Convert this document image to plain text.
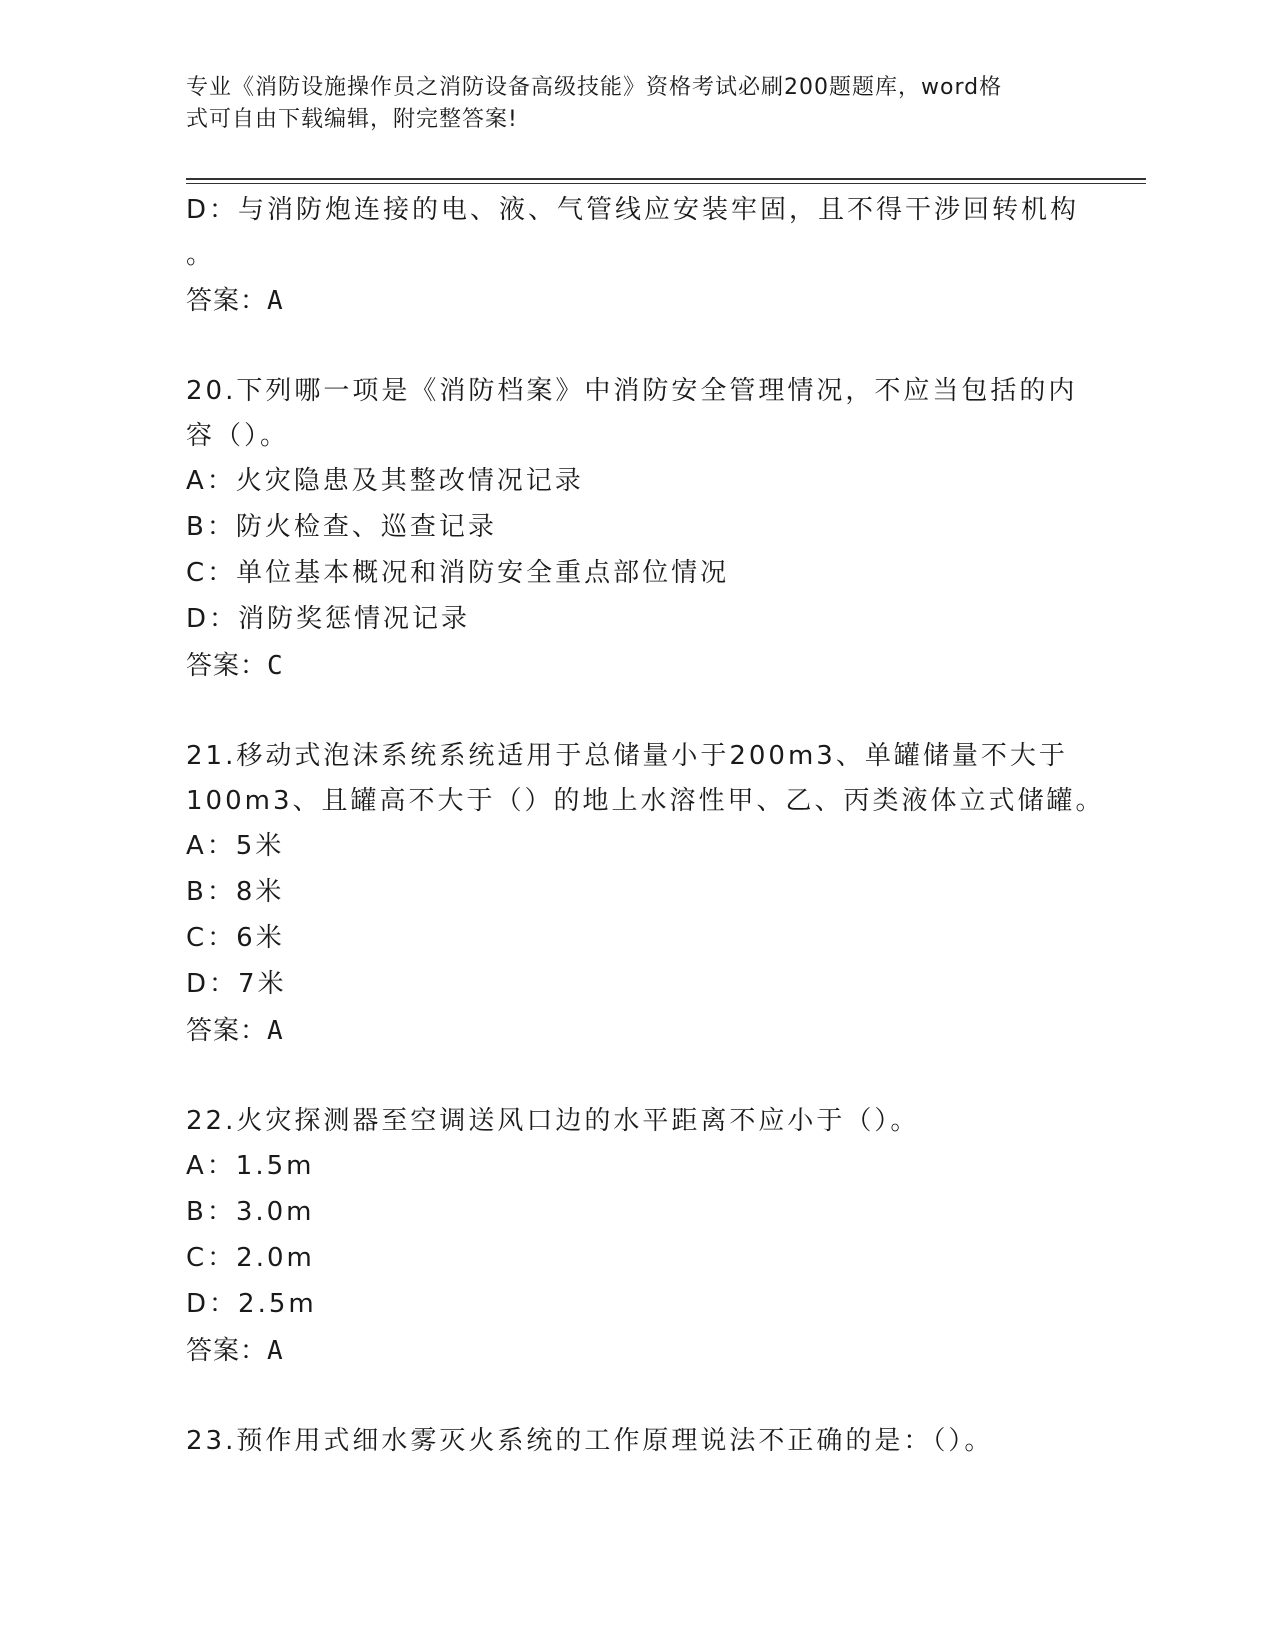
专业《消防设施操作员之消防设备高级技能》资格考试必刷200题题库，word格
式可自由下载编辑，附完整答案!
D：与消防炮连接的电、液、气管线应安装牢固，且不得干涉回转机构
。
答案：A
20.下列哪一项是《消防档案》中消防安全管理情况，不应当包括的内
容（）。
A：火灾隐患及其整改情况记录
B：防火检查、巡查记录
C：单位基本概况和消防安全重点部位情况
D：消防奖惩情况记录
答案：C
21.移动式泡沫系统系统适用于总储量小于200m3、单罐储量不大于
100m3、且罐高不大于（）的地上水溶性甲、乙、丙类液体立式储罐。
A：5米
B：8米
C：6米
D：7米
答案：A
22.火灾探测器至空调送风口边的水平距离不应小于（）。
A：1.5m
B：3.0m
C：2.0m
D：2.5m
答案：A
23.预作用式细水雾灭火系统的工作原理说法不正确的是：（）。
